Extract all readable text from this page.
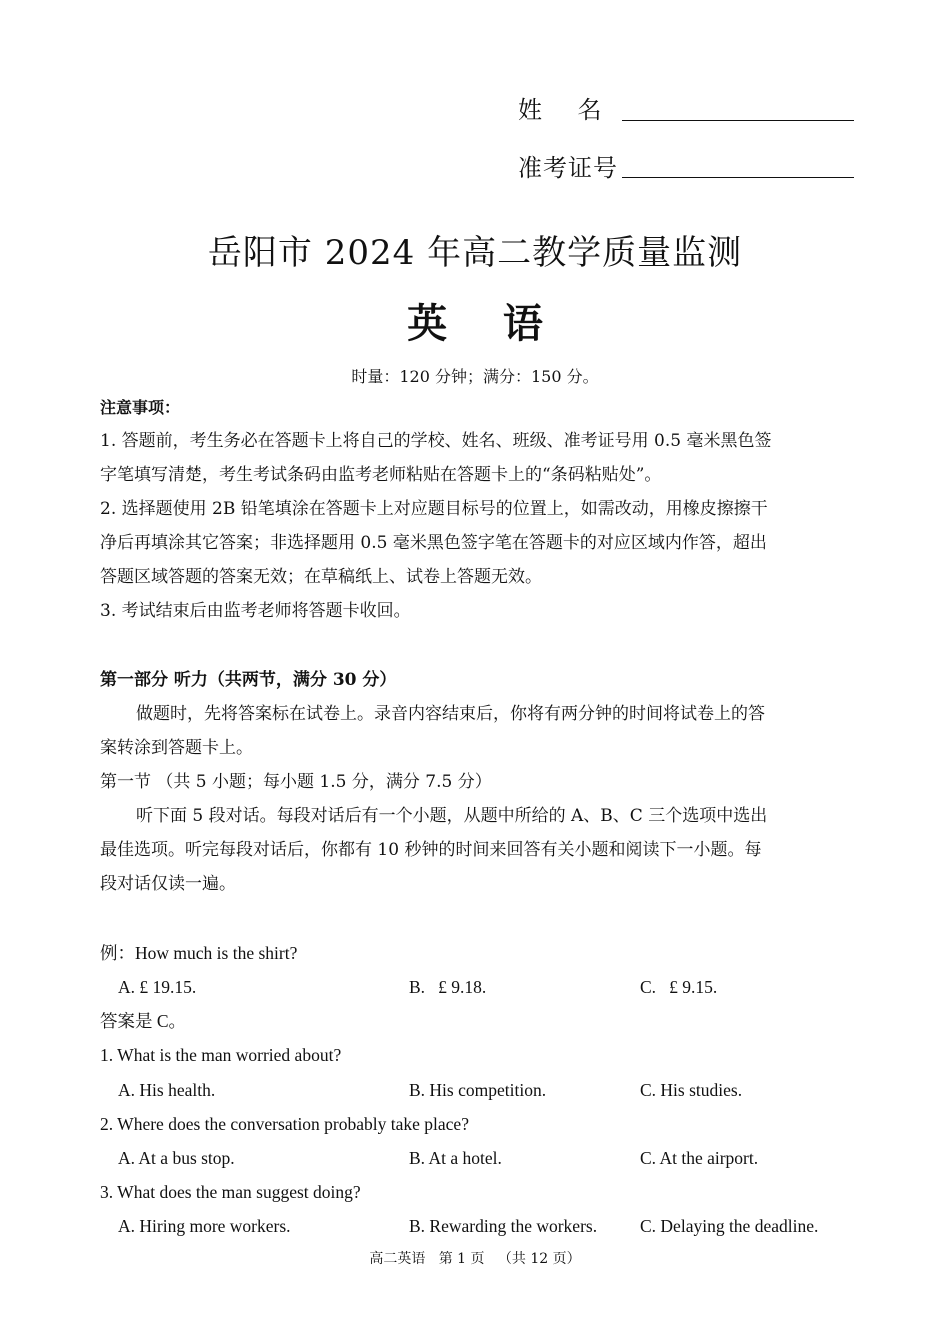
姓    名
准考证号
岳阳市 2024 年高二教学质量监测
英    语
时量：120 分钟；满分：150 分。
注意事项：
1. 答题前，考生务必在答题卡上将自己的学校、姓名、班级、准考证号用 0.5 毫米黑色签
字笔填写清楚，考生考试条码由监考老师粘贴在答题卡上的“条码粘贴处”。
2. 选择题使用 2B 铅笔填涂在答题卡上对应题目标号的位置上，如需改动，用橡皮擦擦干
净后再填涂其它答案；非选择题用 0.5 毫米黑色签字笔在答题卡的对应区域内作答，超出
答题区域答题的答案无效；在草稿纸上、试卷上答题无效。
3. 考试结束后由监考老师将答题卡收回。
第一部分 听力（共两节，满分 30 分）
做题时，先将答案标在试卷上。录音内容结束后，你将有两分钟的时间将试卷上的答
案转涂到答题卡上。
第一节 （共 5 小题；每小题 1.5 分，满分 7.5 分）
听下面 5 段对话。每段对话后有一个小题，从题中所给的 A、B、C 三个选项中选出
最佳选项。听完每段对话后，你都有 10 秒钟的时间来回答有关小题和阅读下一小题。每
段对话仅读一遍。
例：How much is the shirt?
A. £ 19.15.	B.   £ 9.18.	C.   £ 9.15.
答案是 C。
1. What is the man worried about?
A. His health.	B. His competition.	C. His studies.
2. Where does the conversation probably take place?
A. At a bus stop.	B. At a hotel.	C. At the airport.
3. What does the man suggest doing?
A. Hiring more workers.	B. Rewarding the workers. C. Delaying the deadline.
高二英语   第 1 页   （共 12 页）
